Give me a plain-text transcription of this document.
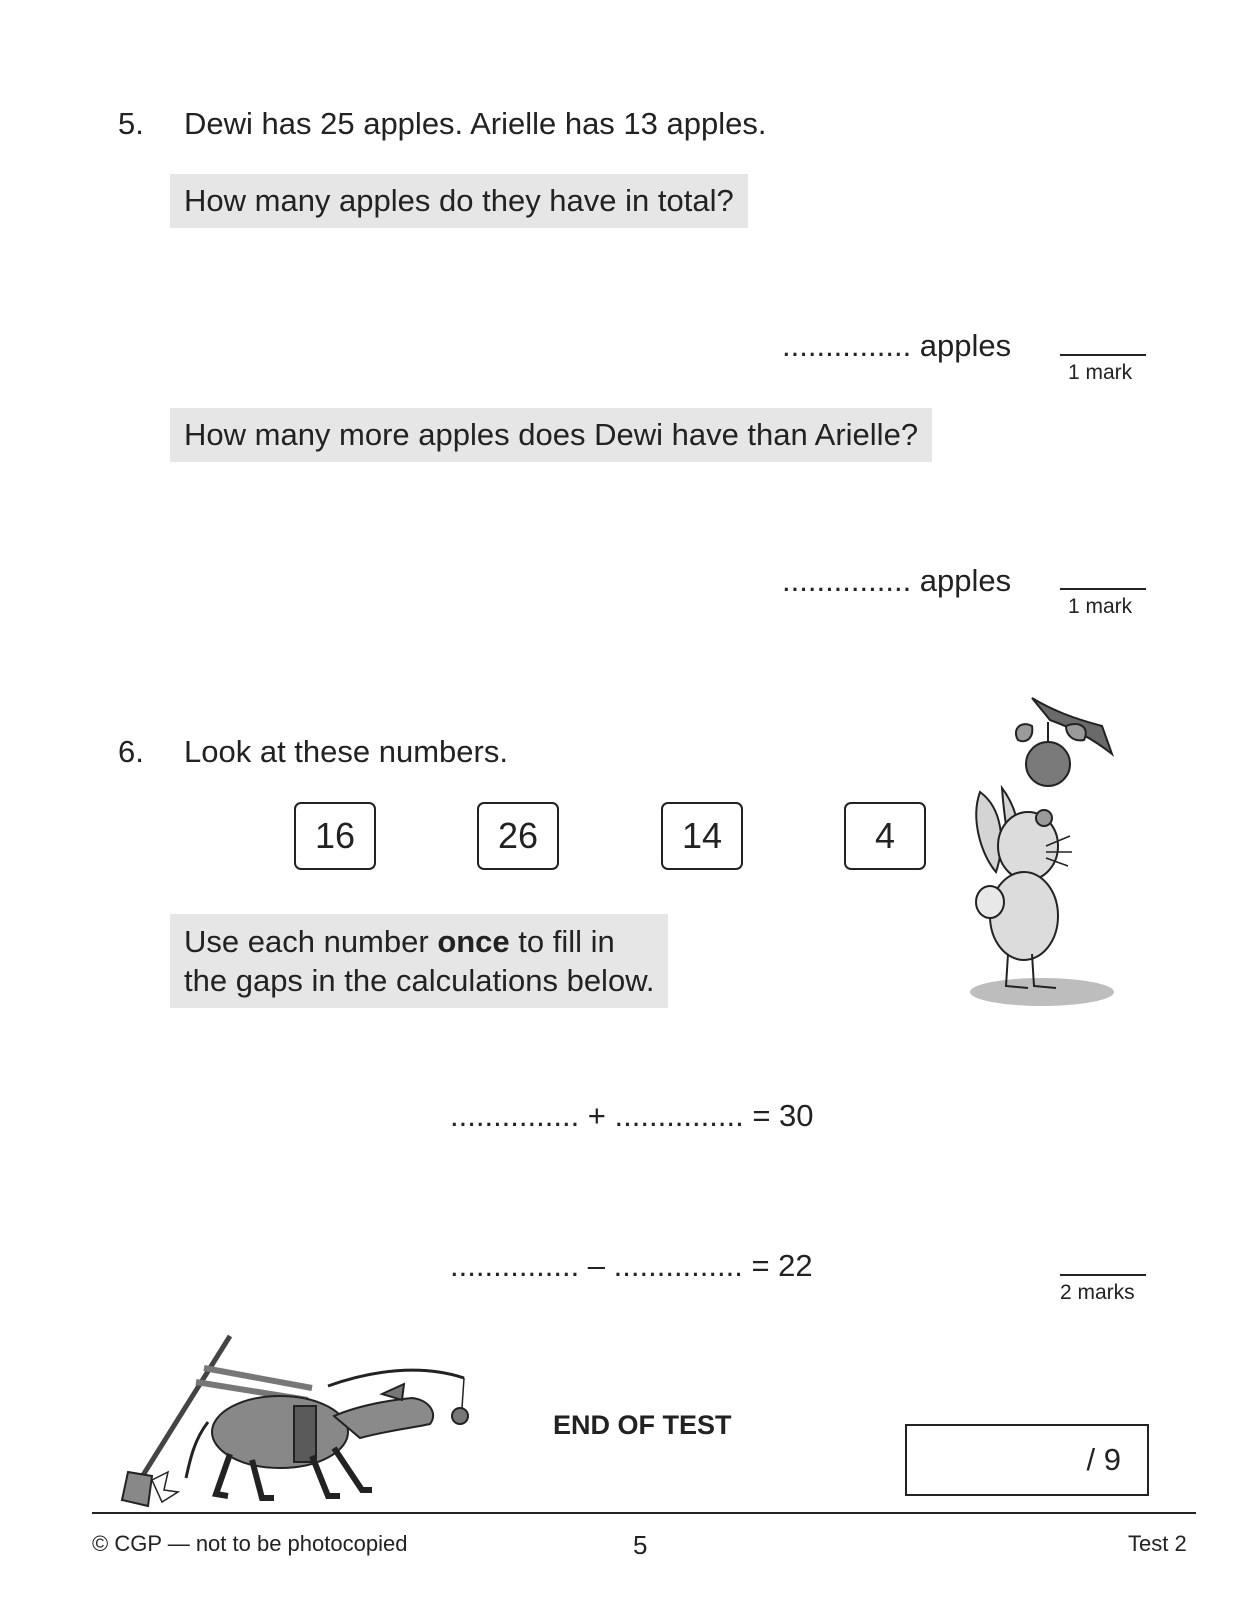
5. Dewi has 25 apples. Arielle has 13 apples.
How many apples do they have in total?
............... apples
1 mark
How many more apples does Dewi have than Arielle?
............... apples
1 mark
6. Look at these numbers.
16	26	14	4
Use each number once to fill in
the gaps in the calculations below.
............... + ............... = 30
............... – ............... = 22
2 marks
END OF TEST
/ 9
© CGP — not to be photocopied	5	Test 2
